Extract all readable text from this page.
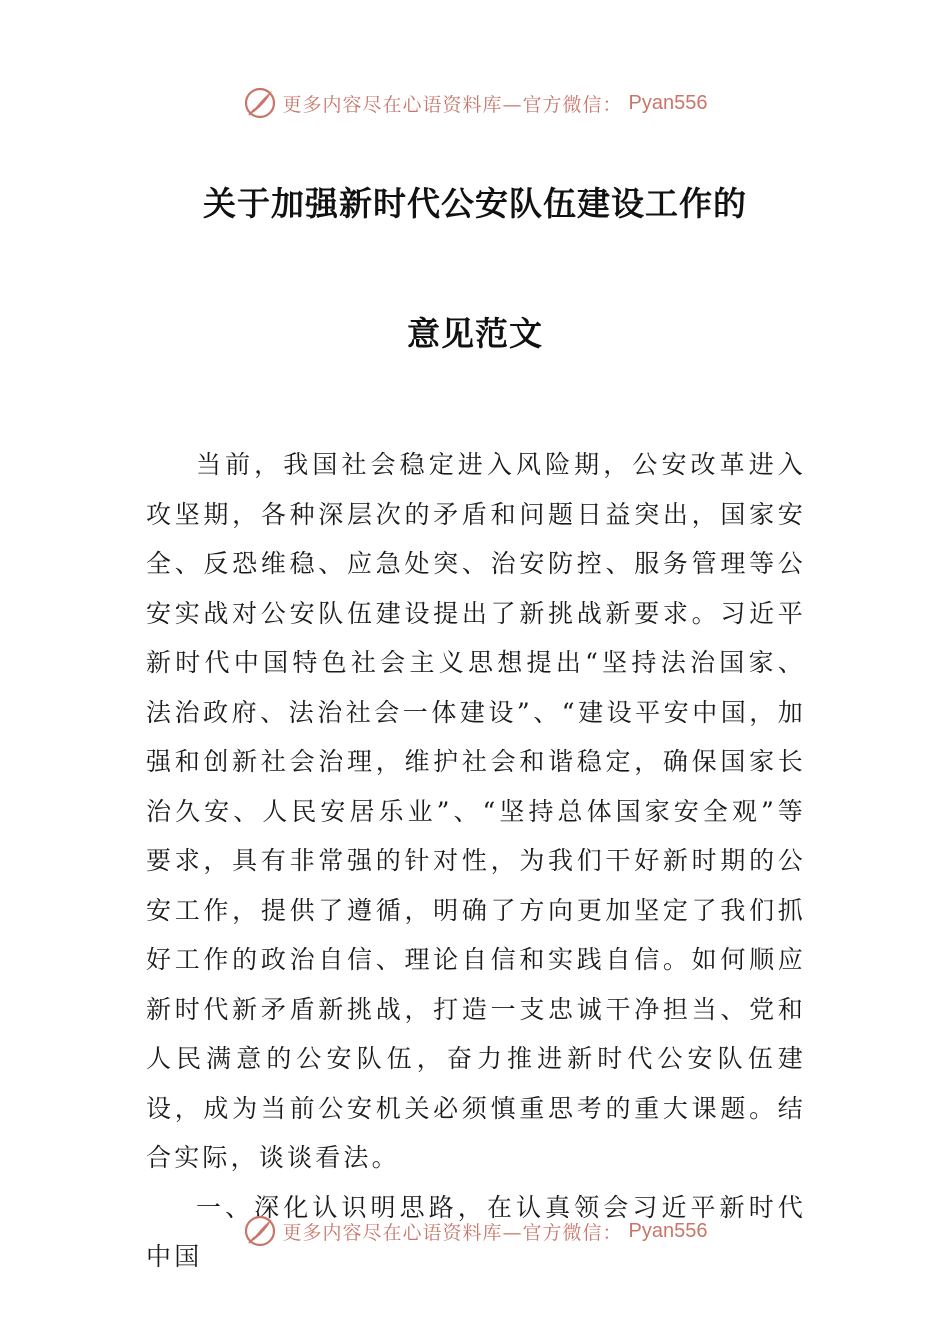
更多内容尽在心语资料库—官方微信： Pyan556
关于加强新时代公安队伍建设工作的
意见范文

当前，我国社会稳定进入风险期，公安改革进入攻坚期，各种深层次的矛盾和问题日益突出，国家安全、反恐维稳、应急处突、治安防控、服务管理等公安实战对公安队伍建设提出了新挑战新要求。习近平新时代中国特色社会主义思想提出“坚持法治国家、法治政府、法治社会一体建设”、“建设平安中国，加强和创新社会治理，维护社会和谐稳定，确保国家长治久安、人民安居乐业”、“坚持总体国家安全观”等要求，具有非常强的针对性，为我们干好新时期的公安工作，提供了遵循，明确了方向更加坚定了我们抓好工作的政治自信、理论自信和实践自信。如何顺应新时代新矛盾新挑战，打造一支忠诚干净担当、党和人民满意的公安队伍，奋力推进新时代公安队伍建设，成为当前公安机关必须慎重思考的重大课题。结合实际，谈谈看法。

一、深化认识明思路，在认真领会习近平新时代中国

更多内容尽在心语资料库—官方微信： Pyan556
